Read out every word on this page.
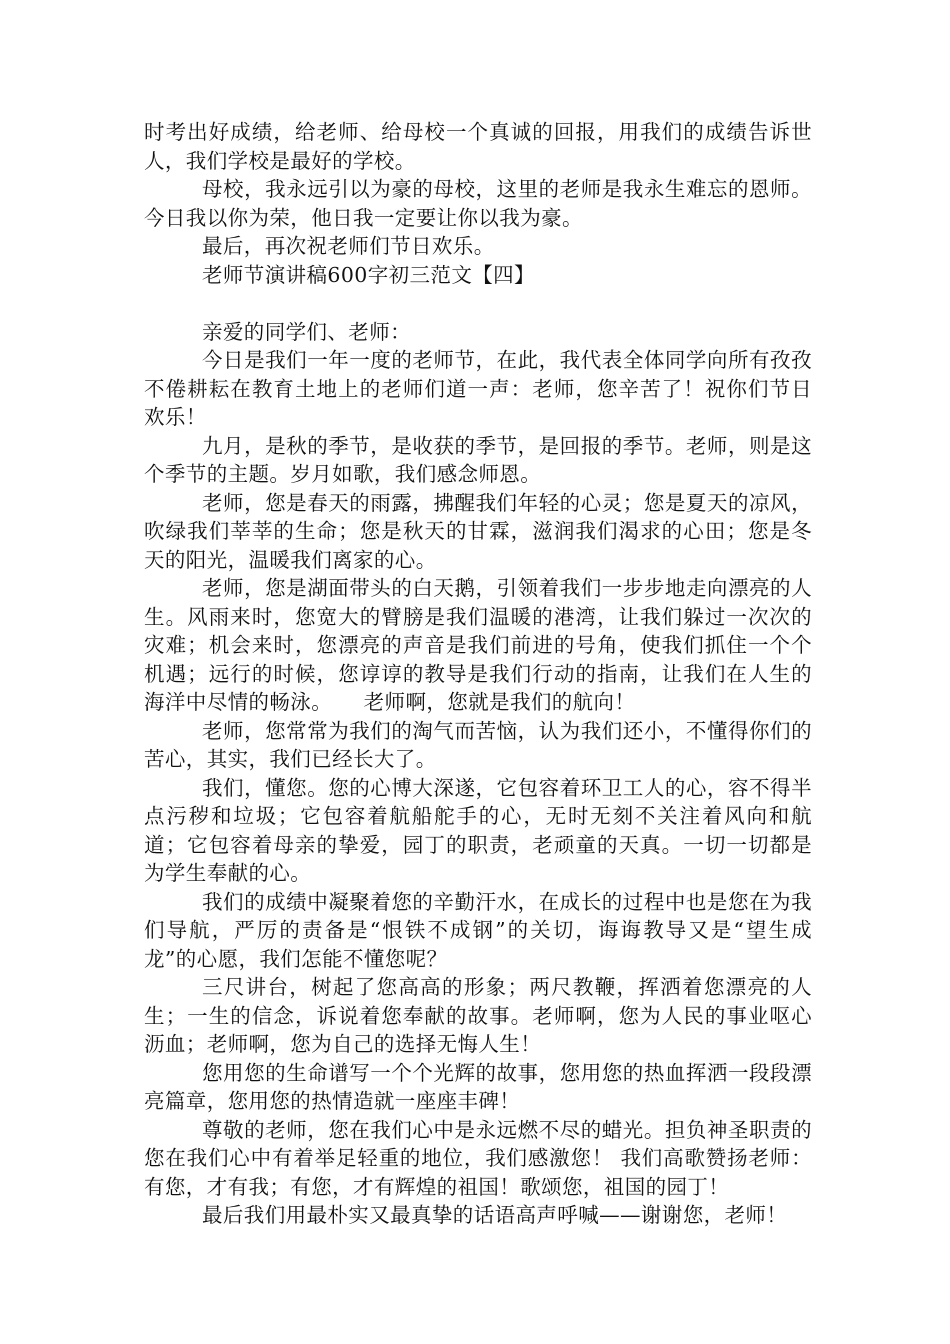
时考出好成绩，给老师、给母校一个真诚的回报，用我们的成绩告诉世人，我们学校是最好的学校。

母校，我永远引以为豪的母校，这里的老师是我永生难忘的恩师。今日我以你为荣，他日我一定要让你以我为豪。

最后，再次祝老师们节日欢乐。

老师节演讲稿600字初三范文【四】

亲爱的同学们、老师：

今日是我们一年一度的老师节，在此，我代表全体同学向所有孜孜不倦耕耘在教育土地上的老师们道一声：老师，您辛苦了！祝你们节日欢乐！

九月，是秋的季节，是收获的季节，是回报的季节。老师，则是这个季节的主题。岁月如歌，我们感念师恩。

老师，您是春天的雨露，拂醒我们年轻的心灵；您是夏天的凉风，吹绿我们莘莘的生命；您是秋天的甘霖，滋润我们渴求的心田；您是冬天的阳光，温暖我们离家的心。

老师，您是湖面带头的白天鹅，引领着我们一步步地走向漂亮的人生。风雨来时，您宽大的臂膀是我们温暖的港湾，让我们躲过一次次的灾难；机会来时，您漂亮的声音是我们前进的号角，使我们抓住一个个机遇；远行的时候，您谆谆的教导是我们行动的指南，让我们在人生的海洋中尽情的畅泳。　　老师啊，您就是我们的航向！

老师，您常常为我们的淘气而苦恼，认为我们还小，不懂得你们的苦心，其实，我们已经长大了。

我们，懂您。您的心博大深遂，它包容着环卫工人的心，容不得半点污秽和垃圾；它包容着航船舵手的心，无时无刻不关注着风向和航道；它包容着母亲的挚爱，园丁的职责，老顽童的天真。一切一切都是为学生奉献的心。

我们的成绩中凝聚着您的辛勤汗水，在成长的过程中也是您在为我们导航，严厉的责备是“恨铁不成钢”的关切，诲诲教导又是“望生成龙”的心愿，我们怎能不懂您呢？

三尺讲台，树起了您高高的形象；两尺教鞭，挥洒着您漂亮的人生；一生的信念，诉说着您奉献的故事。老师啊，您为人民的事业呕心沥血；老师啊，您为自己的选择无悔人生！

您用您的生命谱写一个个光辉的故事，您用您的热血挥洒一段段漂亮篇章，您用您的热情造就一座座丰碑！

尊敬的老师，您在我们心中是永远燃不尽的蜡光。担负神圣职责的您在我们心中有着举足轻重的地位，我们感激您！ 我们高歌赞扬老师：有您，才有我；有您，才有辉煌的祖国！歌颂您，祖国的园丁！

最后我们用最朴实又最真挚的话语高声呼喊——谢谢您，老师！
